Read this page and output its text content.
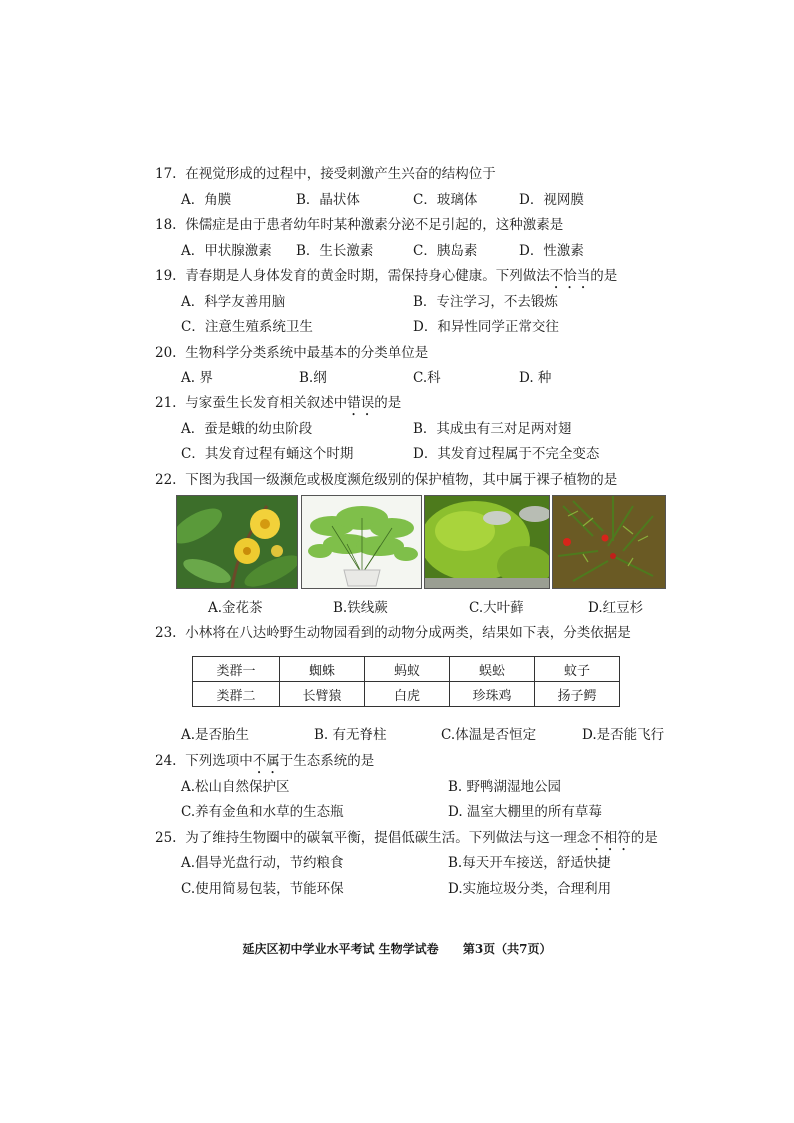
17. 在视觉形成的过程中，接受刺激产生兴奋的结构位于
A．角膜	B．晶状体	C．玻璃体	D．视网膜
18. 侏儒症是由于患者幼年时某种激素分泌不足引起的，这种激素是
A．甲状腺激素 B．生长激素	C．胰岛素	D．性激素
19. 青春期是人身体发育的黄金时期，需保持身心健康。下列做法不恰当的是
A．科学友善用脑	B．专注学习，不去锻炼
C．注意生殖系统卫生	D．和异性同学正常交往
20. 生物科学分类系统中最基本的分类单位是
A. 界	B.纲	C.科	D. 种
21. 与家蚕生长发育相关叙述中错误的是
A．蚕是蛾的幼虫阶段	B．其成虫有三对足两对翅
C．其发育过程有蛹这个时期	D．其发育过程属于不完全变态
22. 下图为我国一级濒危或极度濒危级别的保护植物，其中属于裸子植物的是
A.金花茶	B.铁线蕨	C.大叶藓	D.红豆杉
23. 小林将在八达岭野生动物园看到的动物分成两类，结果如下表，分类依据是
类群一	蜘蛛	蚂蚁	蜈蚣	蚊子
类群二	长臂猿	白虎	珍珠鸡	扬子鳄
A.是否胎生	B. 有无脊柱	C.体温是否恒定	D.是否能飞行
24. 下列选项中不属于生态系统的是
A.松山自然保护区	B. 野鸭湖湿地公园
C.养有金鱼和水草的生态瓶	D. 温室大棚里的所有草莓
25. 为了维持生物圈中的碳氧平衡，提倡低碳生活。下列做法与这一理念不相符的是
A.倡导光盘行动，节约粮食	B.每天开车接送，舒适快捷
C.使用简易包装，节能环保	D.实施垃圾分类，合理利用
延庆区初中学业水平考试 生物学试卷 第3页（共7页）
